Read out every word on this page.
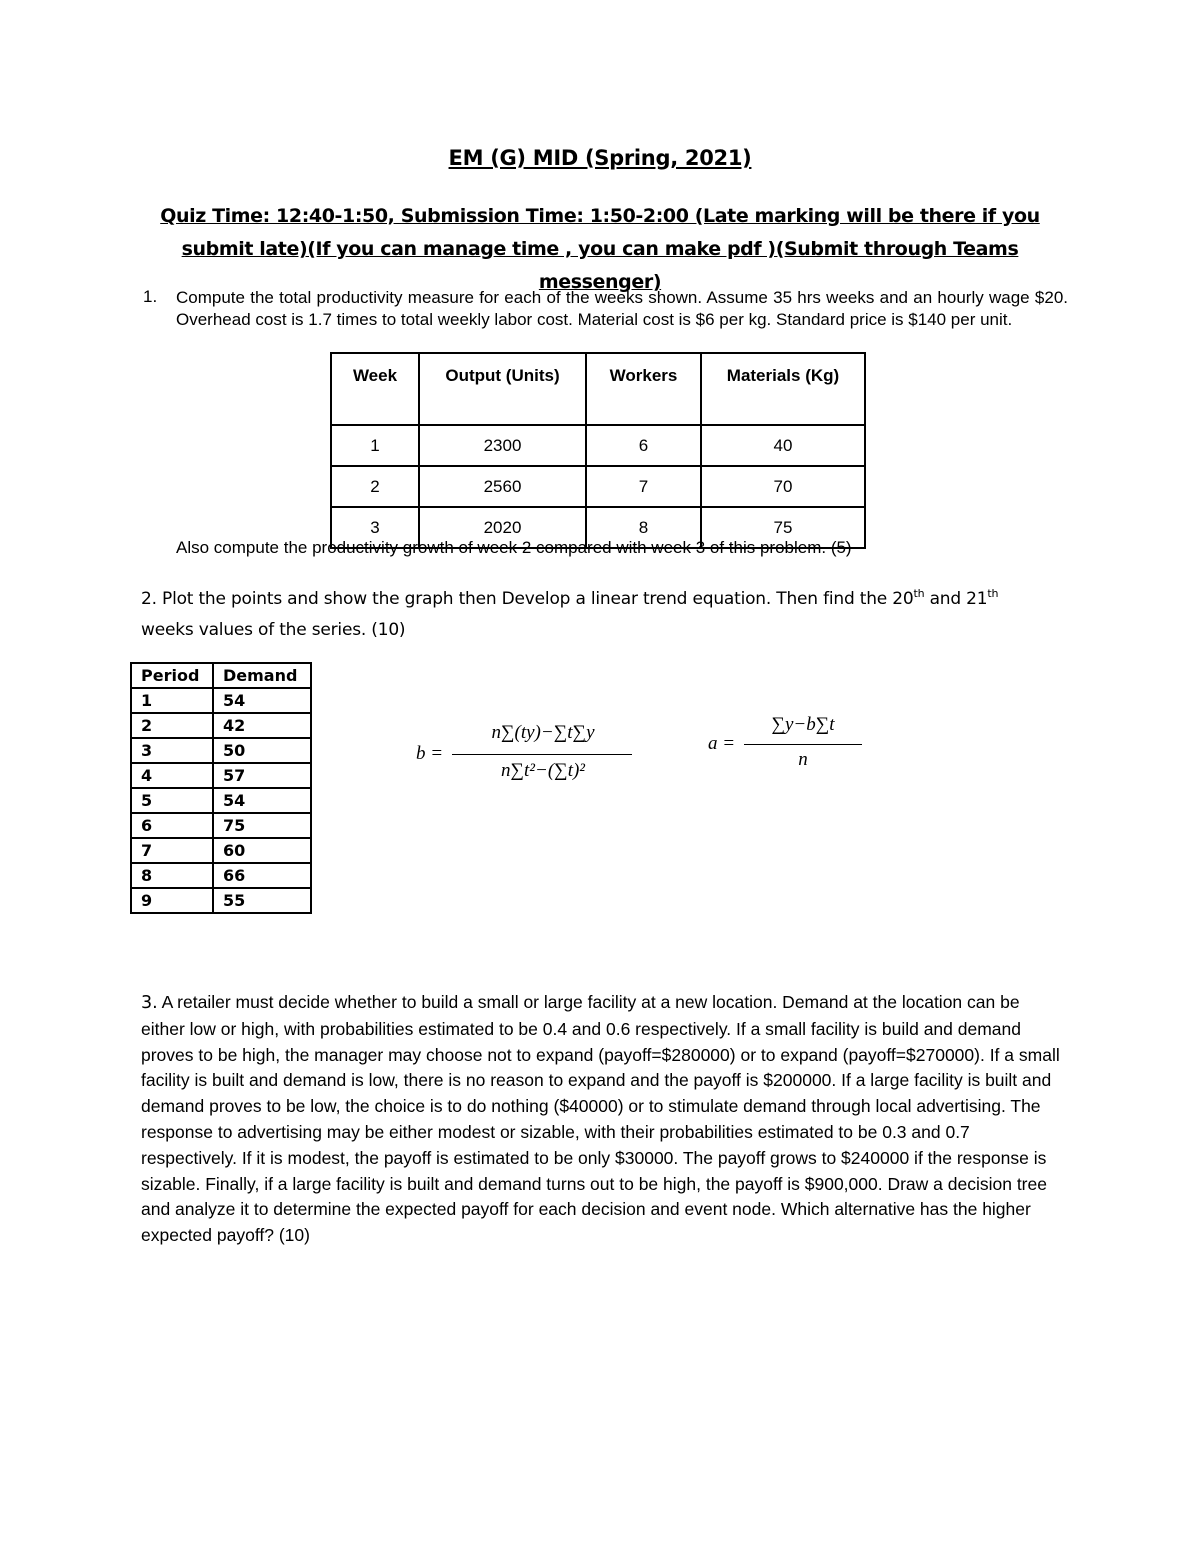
EM (G) MID (Spring, 2021)
Quiz Time: 12:40-1:50, Submission Time: 1:50-2:00 (Late marking will be there if you submit late)(If you can manage time , you can make pdf )(Submit through Teams messenger)
1. Compute the total productivity measure for each of the weeks shown. Assume 35 hrs weeks and an hourly wage $20. Overhead cost is 1.7 times to total weekly labor cost. Material cost is $6 per kg. Standard price is $140 per unit.
Week	Output (Units)	Workers	Materials (Kg)
1	2300	6	40
2	2560	7	70
3	2020	8	75
Also compute the productivity growth of week 2 compared with week 3 of this problem. (5)
2. Plot the points and show the graph then Develop a linear trend equation. Then find the 20th and 21th
weeks values of the series. (10)
Period	Demand
1	54
2	42
3	50
4	57
5	54
6	75
7	60
8	66
9	55
b =
n∑(ty)−∑t∑y
n∑t²−(∑t)²
a =
∑y−b∑t
n
3. A retailer must decide whether to build a small or large facility at a new location. Demand at the location can be either low or high, with probabilities estimated to be 0.4 and 0.6 respectively. If a small facility is build and demand proves to be high, the manager may choose not to expand (payoff=$280000) or to expand (payoff=$270000). If a small facility is built and demand is low, there is no reason to expand and the payoff is $200000. If a large facility is built and demand proves to be low, the choice is to do nothing ($40000) or to stimulate demand through local advertising. The response to advertising may be either modest or sizable, with their probabilities estimated to be 0.3 and 0.7 respectively. If it is modest, the payoff is estimated to be only $30000. The payoff grows to $240000 if the response is sizable. Finally, if a large facility is built and demand turns out to be high, the payoff is $900,000. Draw a decision tree and analyze it to determine the expected payoff for each decision and event node. Which alternative has the higher expected payoff? (10)
